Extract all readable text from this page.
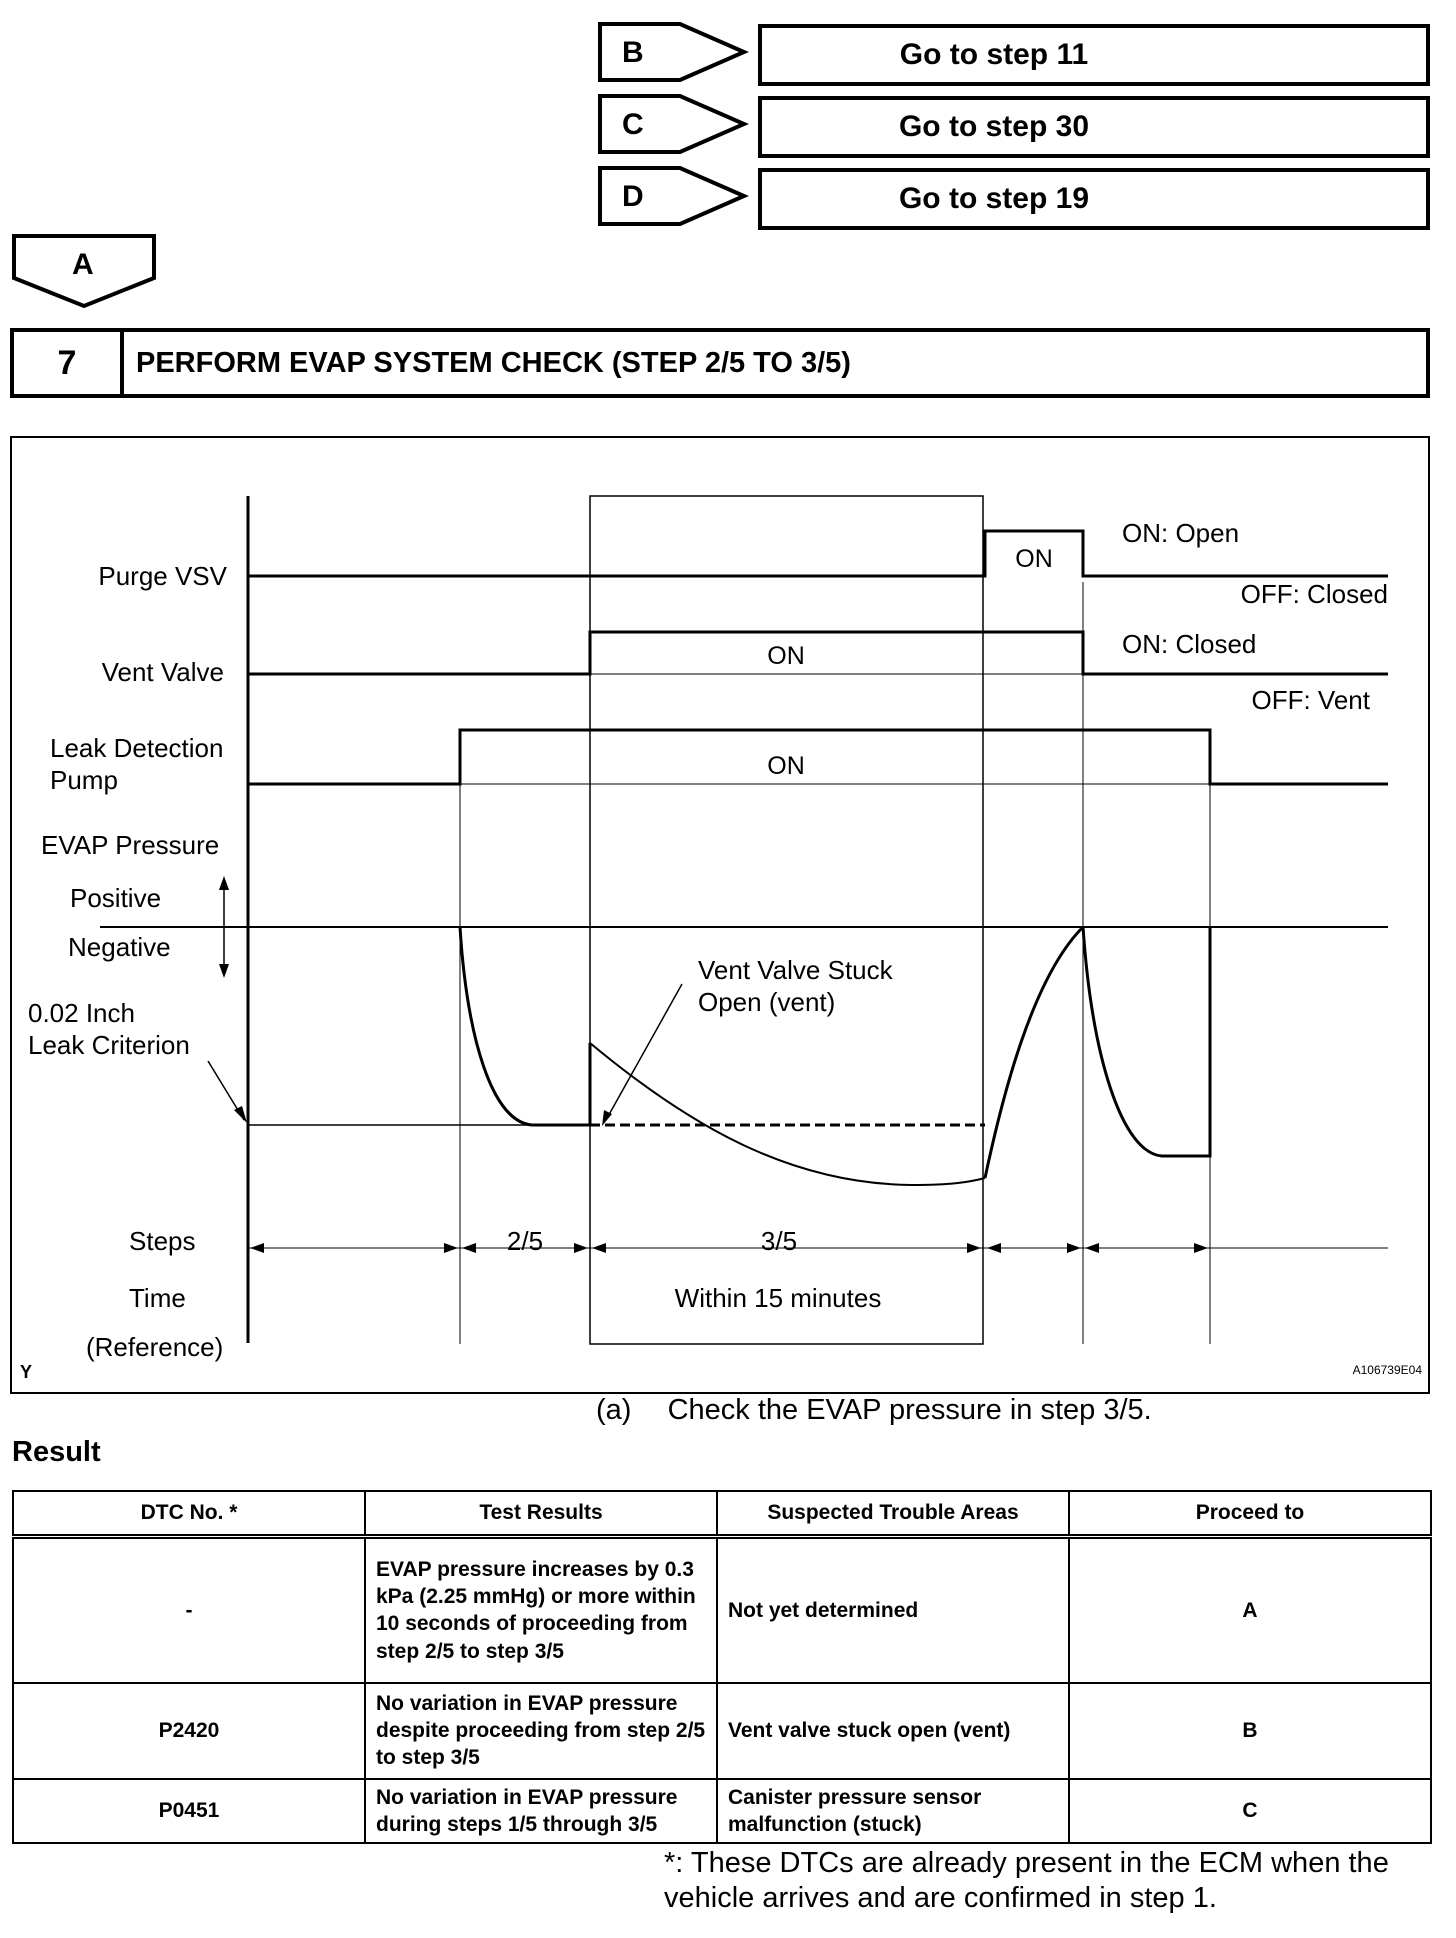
B
C
D
Go to step 11
Go to step 30
Go to step 19
A
7	PERFORM EVAP SYSTEM CHECK (STEP 2/5 TO 3/5)
Purge VSV
Vent Valve
Leak Detection
Pump
EVAP Pressure
Positive
Negative
0.02 Inch
Leak Criterion
Steps
Time
(Reference)
Y	A106739E04
ON
ON: Open
OFF: Closed
ON	ON: Closed
OFF: Vent
ON
Vent Valve Stuck
Open (vent)
2/5	3/5
Within 15 minutes
(a) Check the EVAP pressure in step 3/5.
Result
DTC No. *	Test Results	Suspected Trouble Areas	Proceed to
-	EVAP pressure increases by 0.3 kPa (2.25 mmHg) or more within 10 seconds of proceeding from step 2/5 to step 3/5	Not yet determined	A
P2420	No variation in EVAP pressure despite proceeding from step 2/5 to step 3/5	Vent valve stuck open (vent)	B
P0451	No variation in EVAP pressure during steps 1/5 through 3/5	Canister pressure sensor malfunction (stuck)	C
*: These DTCs are already present in the ECM when the vehicle arrives and are confirmed in step 1.
